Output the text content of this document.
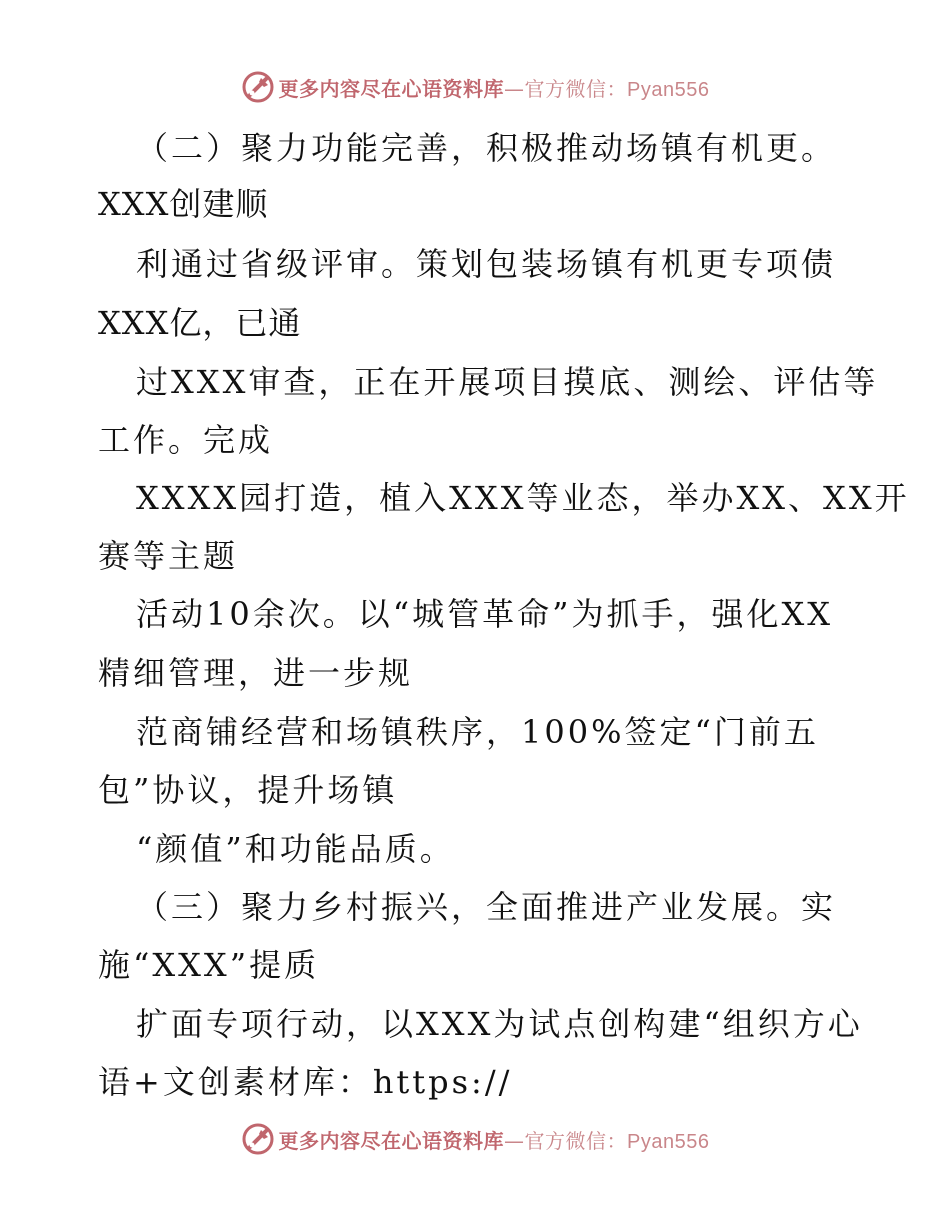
更多内容尽在心语资料库—官方微信：Pyan556
（二）聚力功能完善，积极推动场镇有机更。
XXX创建顺
利通过省级评审。策划包装场镇有机更专项债
XXX亿，已通
过XXX审查，正在开展项目摸底、测绘、评估等
工作。完成
XXXX园打造，植入XXX等业态，举办XX、XX开
赛等主题
活动10余次。以“城管革命”为抓手，强化XX
精细管理，进一步规
范商铺经营和场镇秩序，100%签定“门前五
包”协议，提升场镇
“颜值”和功能品质。
（三）聚力乡村振兴，全面推进产业发展。实
施“XXX”提质
扩面专项行动，以XXX为试点创构建“组织方心
语+文创素材库：https://
更多内容尽在心语资料库—官方微信：Pyan556
